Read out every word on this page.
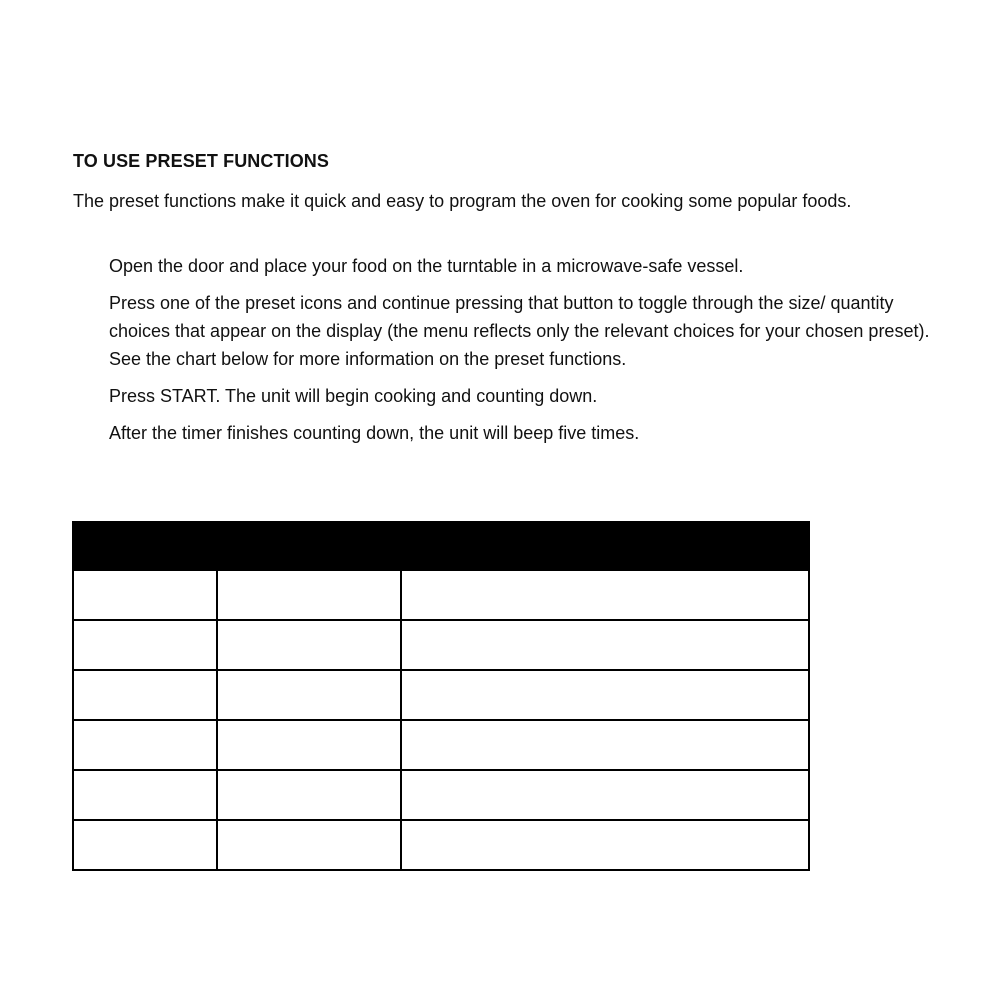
TO USE PRESET FUNCTIONS
The preset functions make it quick and easy to program the oven for cooking some popular foods.
Open the door and place your food on the turntable in a microwave-safe vessel.
Press one of the preset icons and continue pressing that button to toggle through the size/ quantity choices that appear on the display (the menu reflects only the relevant choices for your chosen preset). See the chart below for more information on the preset functions.
Press START. The unit will begin cooking and counting down.
After the timer finishes counting down, the unit will beep five times.
